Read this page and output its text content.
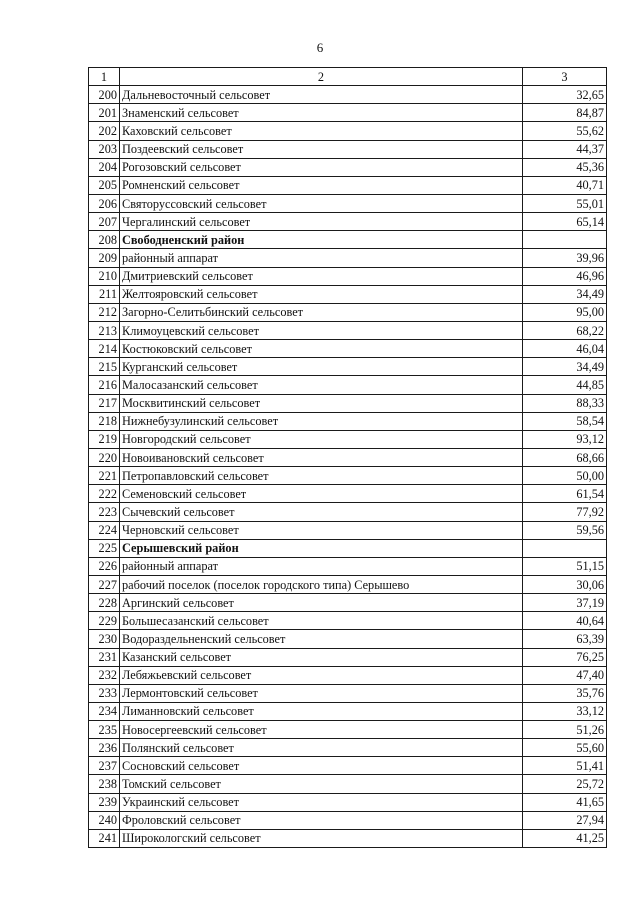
6
1	2	3
200	Дальневосточный сельсовет	32,65
201	Знаменский сельсовет	84,87
202	Каховский сельсовет	55,62
203	Поздеевский сельсовет	44,37
204	Рогозовский сельсовет	45,36
205	Ромненский сельсовет	40,71
206	Святоруссовский сельсовет	55,01
207	Чергалинский сельсовет	65,14
208	Свободненский район	
209	районный аппарат	39,96
210	Дмитриевский сельсовет	46,96
211	Желтояровский сельсовет	34,49
212	Загорно-Селитьбинский сельсовет	95,00
213	Климоуцевский сельсовет	68,22
214	Костюковский сельсовет	46,04
215	Курганский сельсовет	34,49
216	Малосазанский сельсовет	44,85
217	Москвитинский сельсовет	88,33
218	Нижнебузулинский сельсовет	58,54
219	Новгородский сельсовет	93,12
220	Новоивановский сельсовет	68,66
221	Петропавловский сельсовет	50,00
222	Семеновский сельсовет	61,54
223	Сычевский сельсовет	77,92
224	Черновский сельсовет	59,56
225	Серышевский район	
226	районный аппарат	51,15
227	рабочий поселок (поселок городского типа) Серышево	30,06
228	Аргинский сельсовет	37,19
229	Большесазанский сельсовет	40,64
230	Водораздельненский сельсовет	63,39
231	Казанский сельсовет	76,25
232	Лебяжьевский сельсовет	47,40
233	Лермонтовский сельсовет	35,76
234	Лиманновский сельсовет	33,12
235	Новосергеевский сельсовет	51,26
236	Полянский сельсовет	55,60
237	Сосновский сельсовет	51,41
238	Томский сельсовет	25,72
239	Украинский сельсовет	41,65
240	Фроловский сельсовет	27,94
241	Широкологский сельсовет	41,25
